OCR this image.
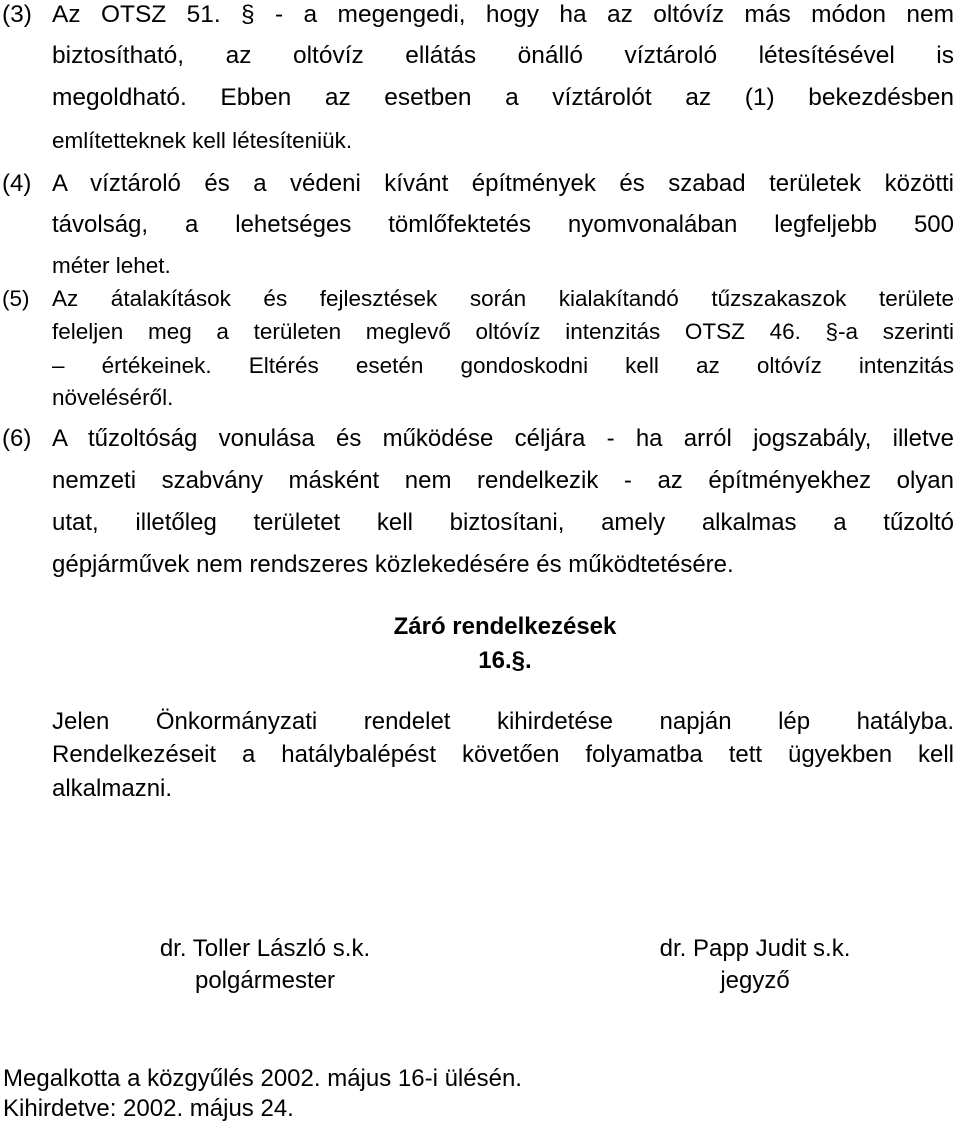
(3) Az OTSZ 51. § - a megengedi, hogy ha az oltóvíz más módon nem

biztosítható, az oltóvíz ellátás önálló víztároló létesítésével is

megoldható. Ebben az esetben a víztárolót az (1) bekezdésben

említetteknek kell létesíteniük.

(4) A víztároló és a védeni kívánt építmények és szabad területek közötti

távolság, a lehetséges tömlőfektetés nyomvonalában legfeljebb 500

méter lehet.

(5) Az átalakítások és fejlesztések során kialakítandó tűzszakaszok területe

feleljen meg a területen meglevő oltóvíz intenzitás OTSZ 46. §-a szerinti

– értékeinek. Eltérés esetén gondoskodni kell az oltóvíz intenzitás

növeléséről.

(6) A tűzoltóság vonulása és működése céljára - ha arról jogszabály, illetve

nemzeti szabvány másként nem rendelkezik - az építményekhez olyan

utat, illetőleg területet kell biztosítani, amely alkalmas a tűzoltó

gépjárművek nem rendszeres közlekedésére és működtetésére.

Záró rendelkezések

16.§.

Jelen Önkormányzati rendelet kihirdetése napján lép hatályba.

Rendelkezéseit a hatálybalépést követően folyamatba tett ügyekben kell

alkalmazni.

dr. Toller László s.k.

polgármester

dr. Papp Judit s.k.

jegyző

Megalkotta a közgyűlés 2002. május 16-i ülésén.

Kihirdetve: 2002. május 24.
